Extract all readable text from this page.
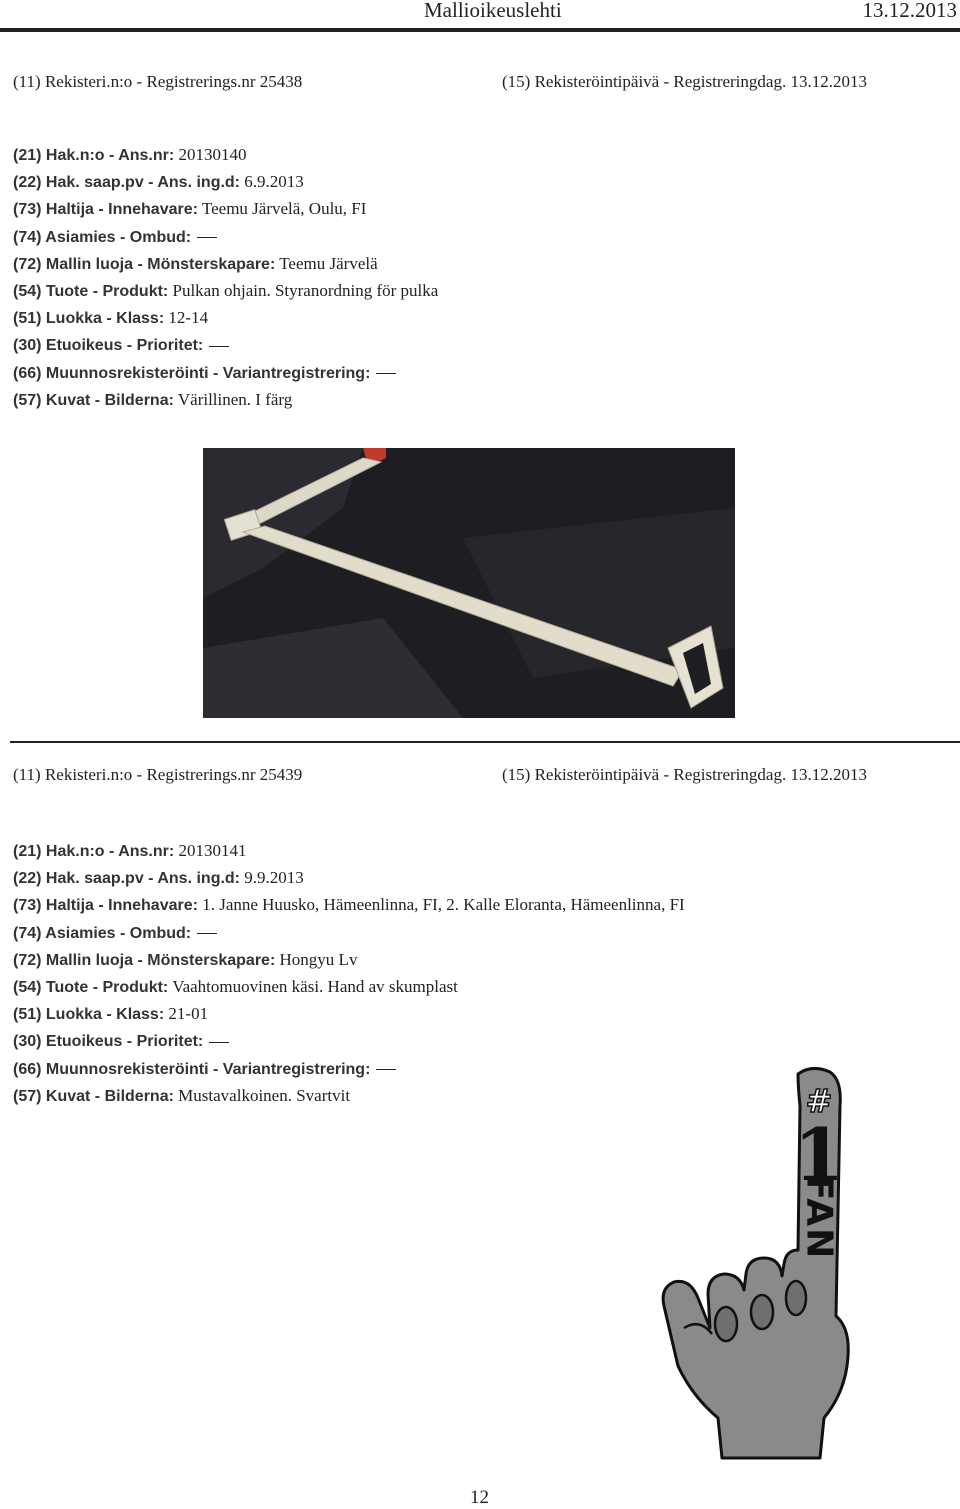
Mallioikeuslehti	13.12.2013
(11) Rekisteri.n:o - Registrerings.nr 25438	(15) Rekisteröintipäivä - Registreringdag. 13.12.2013
(21) Hak.n:o - Ans.nr: 20130140
(22) Hak. saap.pv - Ans. ing.d: 6.9.2013
(73) Haltija - Innehavare: Teemu Järvelä, Oulu, FI
(74) Asiamies - Ombud:
(72) Mallin luoja - Mönsterskapare: Teemu Järvelä
(54) Tuote - Produkt: Pulkan ohjain. Styranordning för pulka
(51) Luokka - Klass: 12-14
(30) Etuoikeus - Prioritet:
(66) Muunnosrekisteröinti - Variantregistrering:
(57) Kuvat - Bilderna: Värillinen. I färg
(11) Rekisteri.n:o - Registrerings.nr 25439	(15) Rekisteröintipäivä - Registreringdag. 13.12.2013
(21) Hak.n:o - Ans.nr: 20130141
(22) Hak. saap.pv - Ans. ing.d: 9.9.2013
(73) Haltija - Innehavare: 1. Janne Huusko, Hämeenlinna, FI, 2. Kalle Eloranta, Hämeenlinna, FI
(74) Asiamies - Ombud:
(72) Mallin luoja - Mönsterskapare: Hongyu Lv
(54) Tuote - Produkt: Vaahtomuovinen käsi. Hand av skumplast
(51) Luokka - Klass: 21-01
(30) Etuoikeus - Prioritet:
(66) Muunnosrekisteröinti - Variantregistrering:
(57) Kuvat - Bilderna: Mustavalkoinen. Svartvit	#
1
FAN
12
